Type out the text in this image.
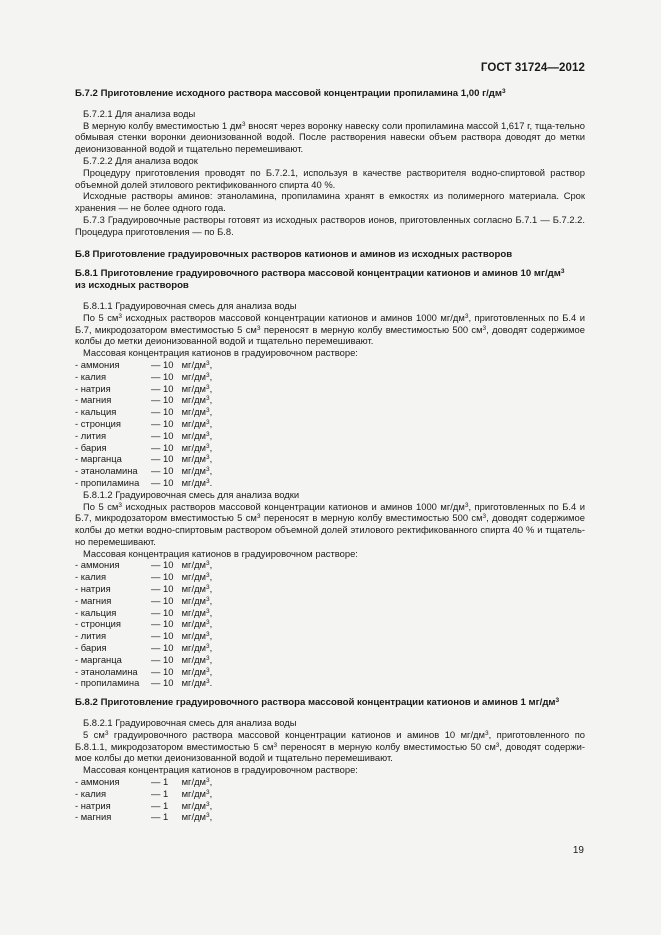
ГОСТ 31724—2012

Б.7.2 Приготовление исходного раствора массовой концентрации пропиламина 1,00 $г/дм^3$

Б.7.2.1 Для анализа воды

В мерную колбу вместимостью 1 $дм^3$ вносят через воронку навеску соли пропиламина массой 1,617 г, тща-тельно обмывая стенки воронки деионизованной водой. После растворения навески объем раствора доводят до метки деионизованной водой и тщательно перемешивают.

Б.7.2.2 Для анализа водок

Процедуру приготовления проводят по Б.7.2.1, используя в качестве растворителя водно-спиртовой раствор объемной долей этилового ректификованного спирта 40 %.

Исходные растворы аминов: этаноламина, пропиламина хранят в емкостях из полимерного материала. Срок хранения — не более одного года.

Б.7.3 Градуировочные растворы готовят из исходных растворов ионов, приготовленных согласно Б.7.1 — Б.7.2.2. Процедура приготовления — по Б.8.

Б.8 Приготовление градуировочных растворов катионов и аминов из исходных растворов

Б.8.1 Приготовление градуировочного раствора массовой концентрации катионов и аминов 10 $мг/дм^3$
из исходных растворов

Б.8.1.1 Градуировочная смесь для анализа воды

По 5 $см^3$ исходных растворов массовой концентрации катионов и аминов 1000 $мг/дм^3$, приготовленных по Б.4 и Б.7, микродозатором вместимостью 5 $см^3$ переносят в мерную колбу вместимостью 500 $см^3$, доводят содержимое колбы до метки деионизованной водой и тщательно перемешивают.

Массовая концентрация катионов в градуировочном растворе:

- аммония	— 10 $мг/дм^3$,
- калия	— 10 $мг/дм^3$,
- натрия	— 10 $мг/дм^3$,
- магния	— 10 $мг/дм^3$,
- кальция	— 10 $мг/дм^3$,
- стронция	— 10 $мг/дм^3$,
- лития	— 10 $мг/дм^3$,
- бария	— 10 $мг/дм^3$,
- марганца	— 10 $мг/дм^3$,
- этаноламина	— 10 $мг/дм^3$,
- пропиламина	— 10 $мг/дм^3$.

Б.8.1.2 Градуировочная смесь для анализа водки

По 5 $см^3$ исходных растворов массовой концентрации катионов и аминов 1000 $мг/дм^3$, приготовленных по Б.4 и Б.7, микродозатором вместимостью 5 $см^3$ переносят в мерную колбу вместимостью 500 $см^3$, доводят содержимое колбы до метки водно-спиртовым раствором объемной долей этилового ректификованного спирта 40 % и тщатель-но перемешивают.

Массовая концентрация катионов в градуировочном растворе:

- аммония	— 10 $мг/дм^3$,
- калия	— 10 $мг/дм^3$,
- натрия	— 10 $мг/дм^3$,
- магния	— 10 $мг/дм^3$,
- кальция	— 10 $мг/дм^3$,
- стронция	— 10 $мг/дм^3$,
- лития	— 10 $мг/дм^3$,
- бария	— 10 $мг/дм^3$,
- марганца	— 10 $мг/дм^3$,
- этаноламина	— 10 $мг/дм^3$,
- пропиламина	— 10 $мг/дм^3$.

Б.8.2 Приготовление градуировочного раствора массовой концентрации катионов и аминов 1 $мг/дм^3$

Б.8.2.1 Градуировочная смесь для анализа воды

5 $см^3$ градуировочного раствора массовой концентрации катионов и аминов 10 $мг/дм^3$, приготовленного по Б.8.1.1, микродозатором вместимостью 5 $см^3$ переносят в мерную колбу вместимостью 50 $см^3$, доводят содержи-мое колбы до метки деионизованной водой и тщательно перемешивают.

Массовая концентрация катионов в градуировочном растворе:

- аммония	— 1	$мг/дм^3$,
- калия	— 1	$мг/дм^3$,
- натрия	— 1	$мг/дм^3$,
- магния	— 1	$мг/дм^3$,
19
